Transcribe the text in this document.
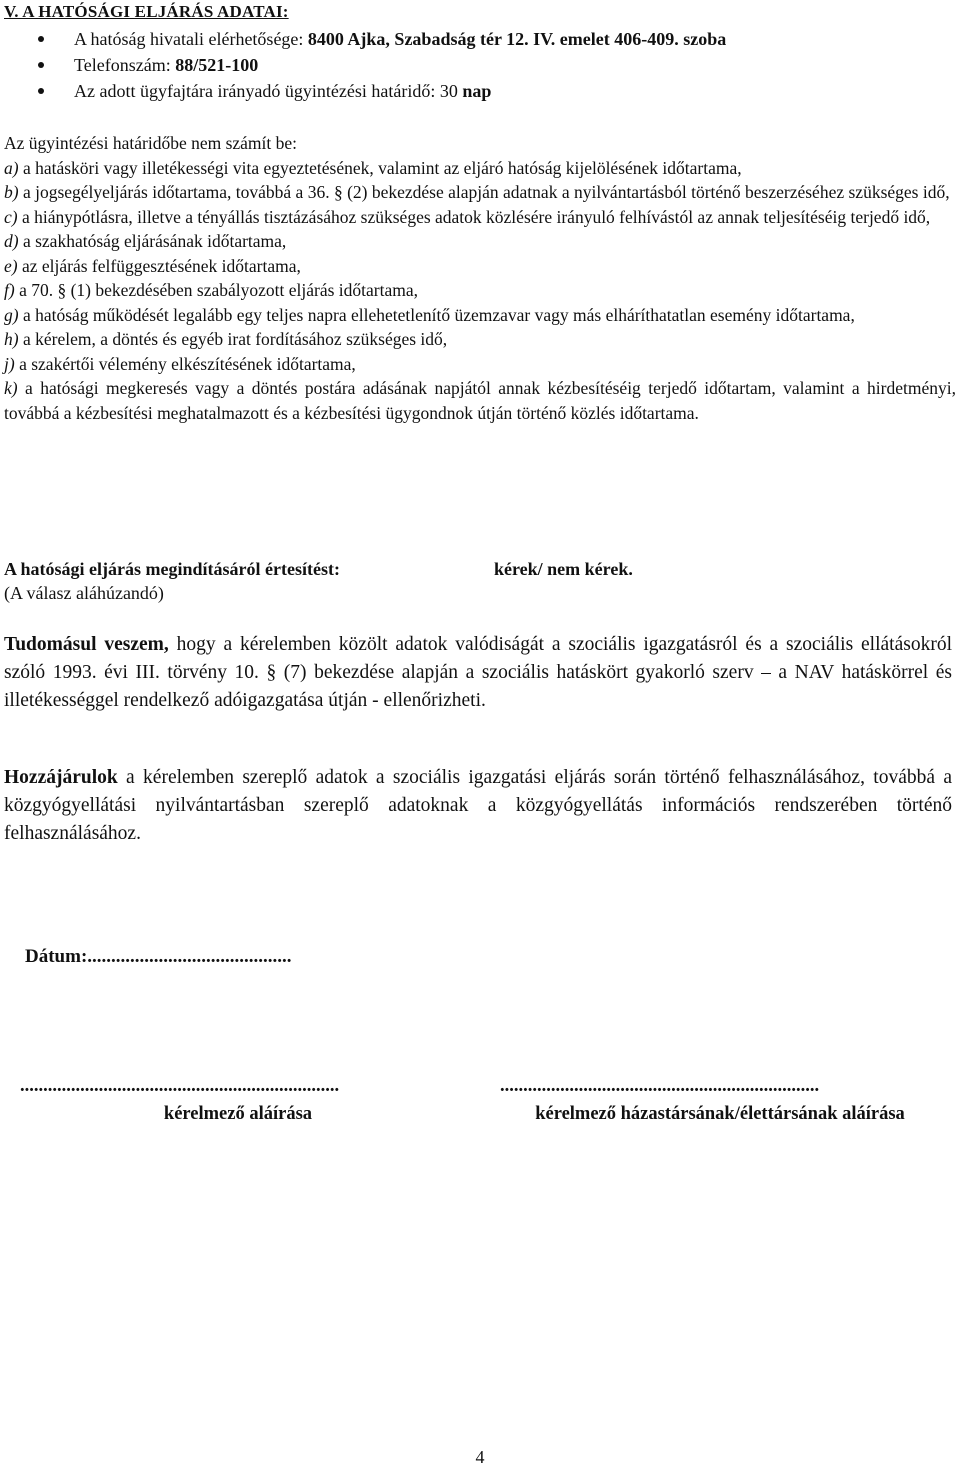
V. A HATÓSÁGI ELJÁRÁS ADATAI:
A hatóság hivatali elérhetősége: 8400 Ajka, Szabadság tér 12. IV. emelet 406-409. szoba
Telefonszám: 88/521-100
Az adott ügyfajtára irányadó ügyintézési határidő: 30 nap
Az ügyintézési határidőbe nem számít be:
a) a hatásköri vagy illetékességi vita egyeztetésének, valamint az eljáró hatóság kijelölésének időtartama,
b) a jogsegélyeljárás időtartama, továbbá a 36. § (2) bekezdése alapján adatnak a nyilvántartásból történő beszerzéséhez szükséges idő,
c) a hiánypótlásra, illetve a tényállás tisztázásához szükséges adatok közlésére irányuló felhívástól az annak teljesítéséig terjedő idő,
d) a szakhatóság eljárásának időtartama,
e) az eljárás felfüggesztésének időtartama,
f) a 70. § (1) bekezdésében szabályozott eljárás időtartama,
g) a hatóság működését legalább egy teljes napra ellehetetlenítő üzemzavar vagy más elháríthatatlan esemény időtartama,
h) a kérelem, a döntés és egyéb irat fordításához szükséges idő,
j) a szakértői vélemény elkészítésének időtartama,
k) a hatósági megkeresés vagy a döntés postára adásának napjától annak kézbesítéséig terjedő időtartam, valamint a hirdetményi, továbbá a kézbesítési meghatalmazott és a kézbesítési ügygondnok útján történő közlés időtartama.
A hatósági eljárás megindításáról értesítést:
(A válasz aláhúzandó)
kérek/ nem kérek.
Tudomásul veszem, hogy a kérelemben közölt adatok valódiságát a szociális igazgatásról és a szociális ellátásokról szóló 1993. évi III. törvény 10. § (7) bekezdése alapján a szociális hatáskört gyakorló szerv – a NAV hatáskörrel és illetékességgel rendelkező adóigazgatása útján - ellenőrizheti.
Hozzájárulok a kérelemben szereplő adatok a szociális igazgatási eljárás során történő felhasználásához, továbbá a közgyógyellátási nyilvántartásban szereplő adatoknak a közgyógyellátás információs rendszerében történő felhasználásához.
Dátum:...........................................
.....................................................................
kérelmező aláírása
.....................................................................
kérelmező házastársának/élettársának aláírása
4
